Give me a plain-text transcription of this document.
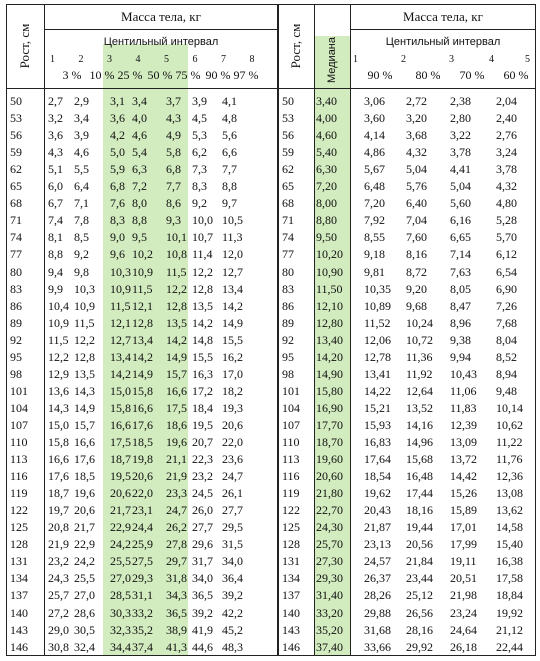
Рост, см
Масса тела, кг
Центильный интервал
1 2 3 4 5 6 7 8
3 % 10 % 25 % 50 % 75 % 90 % 97 %
Рост, см Медиана
Масса тела, кг
Центильный интервал
1	2	3	4	5
90 %	80 %	70 %	60 %
50	2,7 2,9	3,1 3,4	3,7 3,9	4,1
53	3,2 3,4	3,6 4,0	4,3 4,5	4,8
56	3,6 3,9	4,2 4,6	4,9 5,3	5,6
59	4,3 4,6	5,0 5,4	5,8 6,2	6,6
62	5,1 5,5	5,9 6,3	6,8 7,3	7,7
65	6,0 6,4	6,8 7,2	7,7 8,3	8,8
68	6,7 7,1	7,6 8,0	8,6 9,2	9,7
71	7,4 7,8	8,3 8,8	9,3 10,0 10,5
74	8,1 8,5	9,0 9,5	10,1 10,7 11,3
77	8,8 9,2	9,6 10,2	10,8 11,4 12,0
80	9,4 9,8	10,3 10,9	11,5 12,2 12,7
83	9,9 10,3	10,9 11,5	12,2 12,8 13,4
86	10,4 10,9	11,5 12,1	12,8 13,5 14,2
89	10,9 11,5	12,1 12,8	13,5 14,2 14,9
92	11,5 12,2	12,7 13,4	14,2 14,8 15,5
95	12,2 12,8	13,4 14,2	14,9 15,5 16,2
98	12,9 13,5	14,2 14,9	15,7 16,3 17,0
101	13,6 14,3	15,0 15,8	16,6 17,2 18,2
104	14,3 14,9	15,8 16,6	17,5 18,4 19,3
107	15,0 15,7	16,6 17,6	18,6 19,5 20,6
110	15,8 16,6	17,5 18,5	19,6 20,7 22,0
113	16,6 17,6	18,7 19,8	21,1 22,3 23,6
116	17,6 18,5	19,5 20,6	21,9 23,2 24,7
119	18,7 19,6	20,6 22,0	23,3 24,5 26,1
122	19,7 20,6	21,7 23,1	24,7 26,0 27,7
125	20,8 21,7	22,9 24,4	26,2 27,7 29,5
128	21,9 22,9	24,2 25,9	27,8 29,6 31,5
131	23,2 24,2	25,5 27,5	29,7 31,7 34,0
134	24,3 25,5	27,0 29,3	31,8 34,0 36,4
137	25,7 27,0	28,5 31,1	34,3 36,5 39,2
140	27,2 28,6	30,3 33,2	36,5 39,2 42,2
143	29,0 30,5	32,3 35,2	38,9 41,9 45,2
146	30,8 32,4	34,4 37,4	41,3 44,6 48,3
50	3,40	3,06	2,72	2,38	2,04
53	4,00	3,60	3,20	2,80	2,40
56	4,60	4,14	3,68	3,22	2,76
59	5,40	4,86	4,32	3,78	3,24
62	6,30	5,67	5,04	4,41	3,78
65	7,20	6,48	5,76	5,04	4,32
68	8,00	7,20	6,40	5,60	4,80
71	8,80	7,92	7,04	6,16	5,28
74	9,50	8,55	7,60	6,65	5,70
77	10,20	9,18	8,16	7,14	6,12
80	10,90	9,81	8,72	7,63	6,54
83	11,50	10,35	9,20	8,05	6,90
86	12,10	10,89	9,68	8,47	7,26
89	12,80	11,52	10,24	8,96	7,68
92	13,40	12,06	10,72	9,38	8,04
95	14,20	12,78	11,36	9,94	8,52
98	14,90	13,41	11,92	10,43	8,94
101	15,80	14,22	12,64	11,06	9,48
104	16,90	15,21	13,52	11,83	10,14
107	17,70	15,93	14,16	12,39	10,62
110	18,70	16,83	14,96	13,09	11,22
113	19,60	17,64	15,68	13,72	11,76
116	20,60	18,54	16,48	14,42	12,36
119	21,80	19,62	17,44	15,26	13,08
122	22,70	20,43	18,16	15,89	13,62
125	24,30	21,87	19,44	17,01	14,58
128	25,70	23,13	20,56	17,99	15,40
131	27,30	24,57	21,84	19,11	16,38
134	29,30	26,37	23,44	20,51	17,58
137	31,40	28,26	25,12	21,98	18,84
140	33,20	29,88	26,56	23,24	19,92
143	35,20	31,68	28,16	24,64	21,12
146	37,40	33,66	29,92	26,18	22,44
